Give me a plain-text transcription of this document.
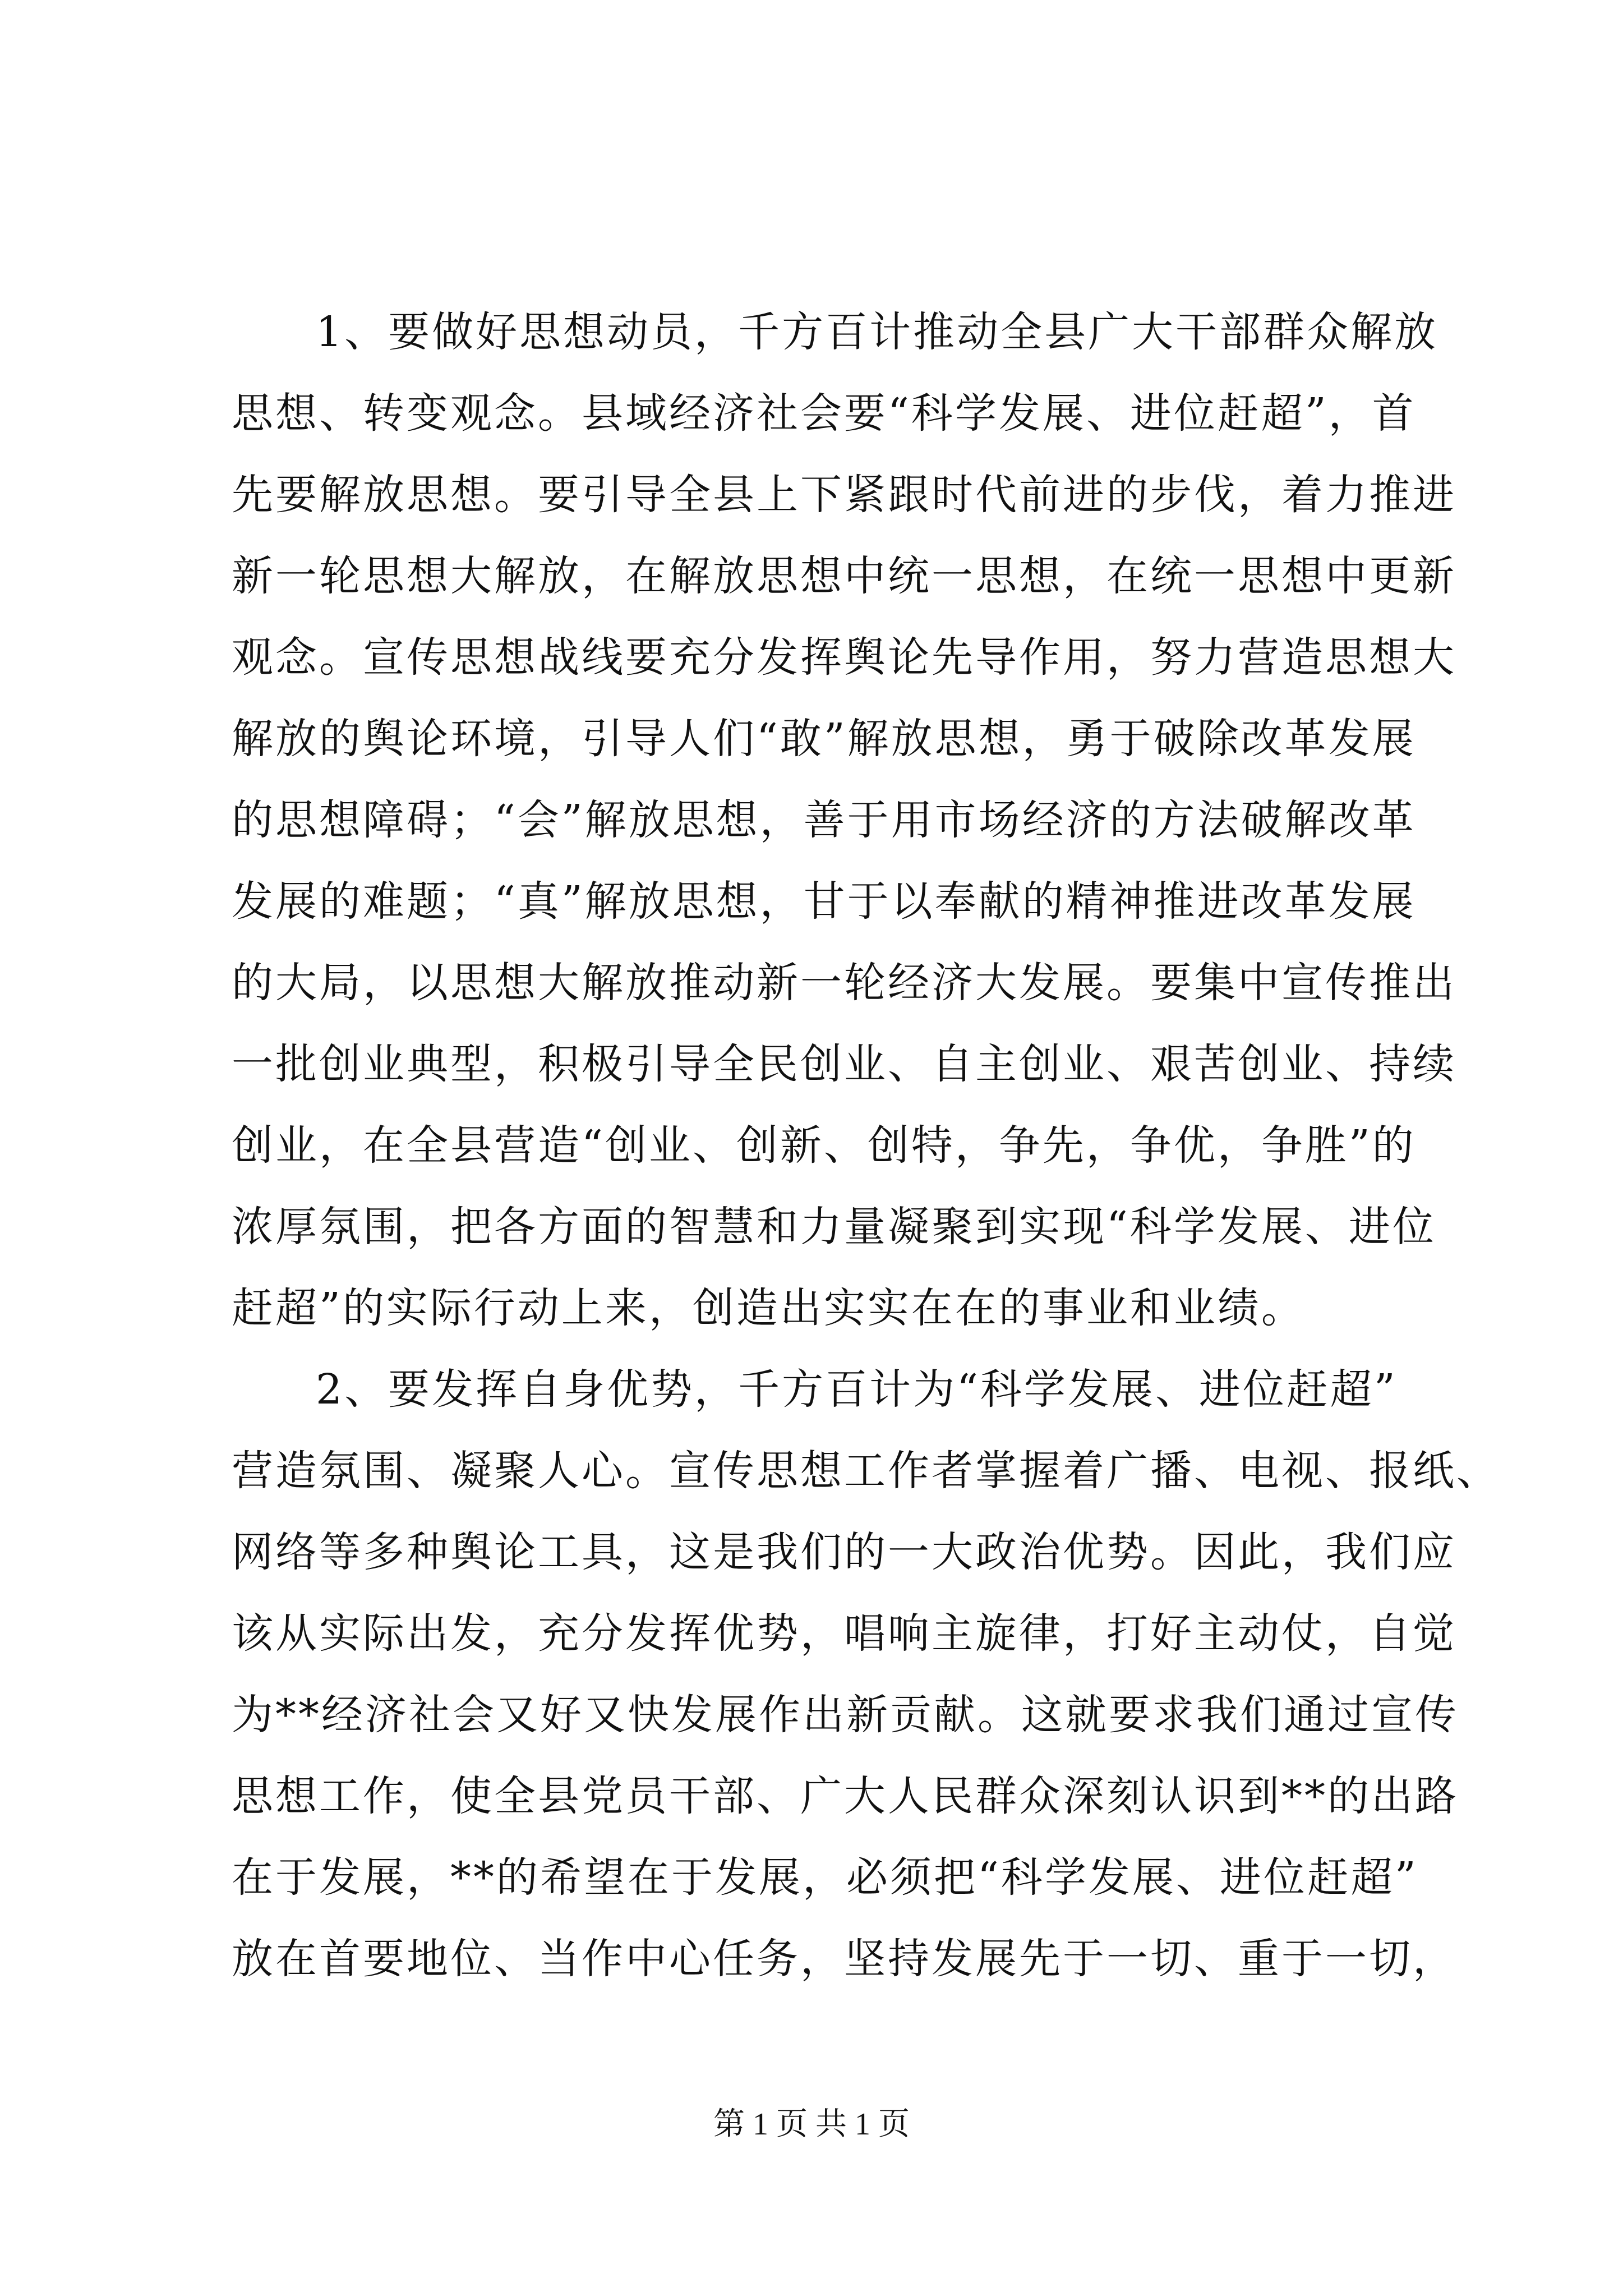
1、要做好思想动员，千方百计推动全县广大干部群众解放
思想、转变观念。县域经济社会要“科学发展、进位赶超”，首
先要解放思想。要引导全县上下紧跟时代前进的步伐，着力推进
新一轮思想大解放，在解放思想中统一思想，在统一思想中更新
观念。宣传思想战线要充分发挥舆论先导作用，努力营造思想大
解放的舆论环境，引导人们“敢”解放思想，勇于破除改革发展
的思想障碍；“会”解放思想，善于用市场经济的方法破解改革
发展的难题；“真”解放思想，甘于以奉献的精神推进改革发展
的大局，以思想大解放推动新一轮经济大发展。要集中宣传推出
一批创业典型，积极引导全民创业、自主创业、艰苦创业、持续
创业，在全县营造“创业、创新、创特，争先，争优，争胜”的
浓厚氛围，把各方面的智慧和力量凝聚到实现“科学发展、进位
赶超”的实际行动上来，创造出实实在在的事业和业绩。
2、要发挥自身优势，千方百计为“科学发展、进位赶超”
营造氛围、凝聚人心。宣传思想工作者掌握着广播、电视、报纸、
网络等多种舆论工具，这是我们的一大政治优势。因此，我们应
该从实际出发，充分发挥优势，唱响主旋律，打好主动仗，自觉
为**经济社会又好又快发展作出新贡献。这就要求我们通过宣传
思想工作，使全县党员干部、广大人民群众深刻认识到**的出路
在于发展，**的希望在于发展，必须把“科学发展、进位赶超”
放在首要地位、当作中心任务，坚持发展先于一切、重于一切，
第 1 页 共 1 页
